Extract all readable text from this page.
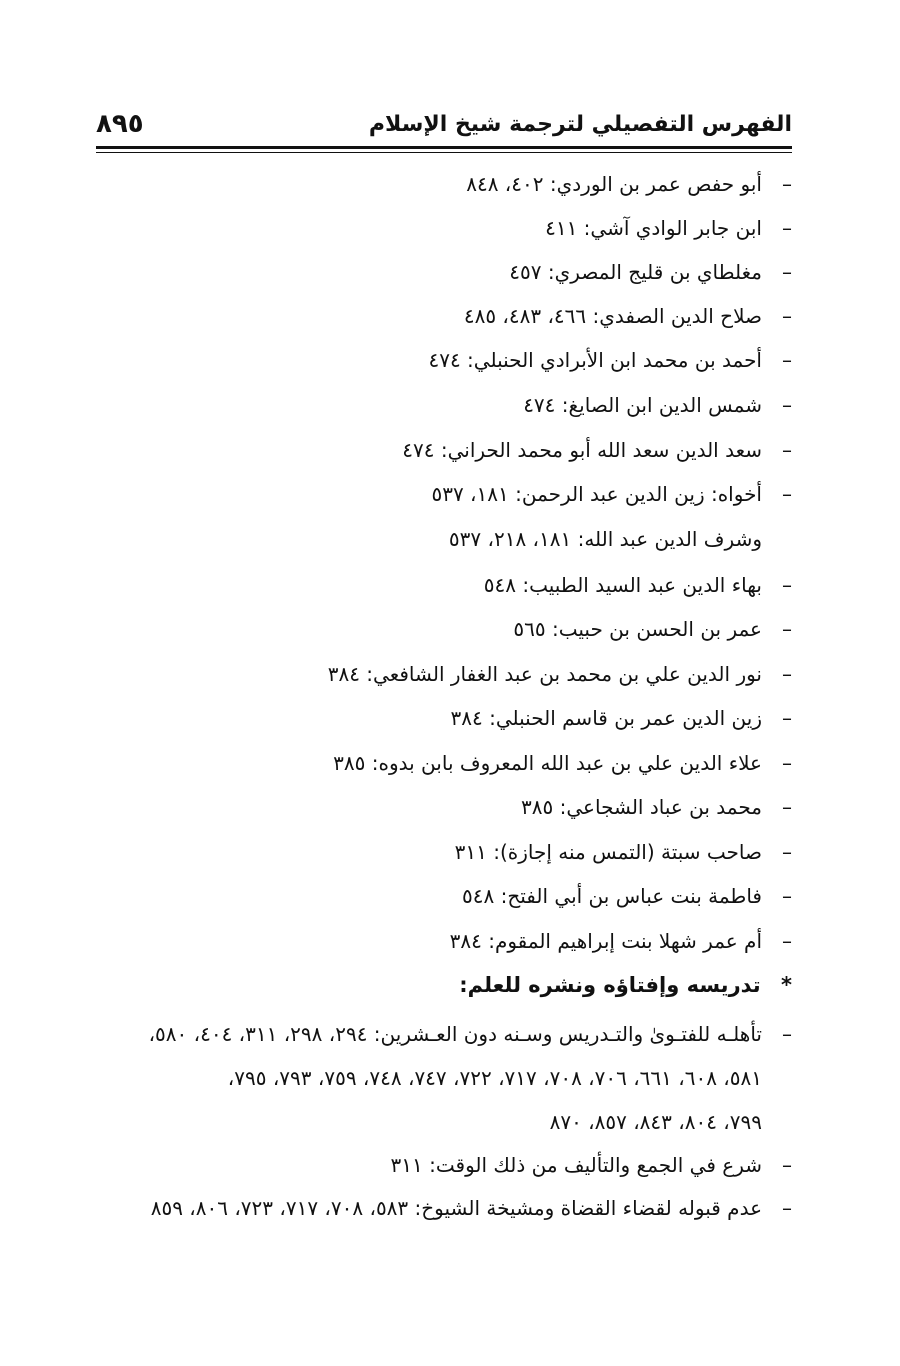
الفهرس التفصيلي لترجمة شيخ الإسلام
٨٩٥
–أبو حفص عمر بن الوردي: ٤٠٢، ٨٤٨
–ابن جابر الوادي آشي: ٤١١
–مغلطاي بن قليج المصري: ٤٥٧
–صلاح الدين الصفدي: ٤٦٦، ٤٨٣، ٤٨٥
–أحمد بن محمد ابن الأبرادي الحنبلي: ٤٧٤
–شمس الدين ابن الصايغ: ٤٧٤
–سعد الدين سعد الله أبو محمد الحراني: ٤٧٤
–أخواه: زين الدين عبد الرحمن: ١٨١، ٥٣٧
وشرف الدين عبد الله: ١٨١، ٢١٨، ٥٣٧
–بهاء الدين عبد السيد الطبيب: ٥٤٨
–عمر بن الحسن بن حبيب: ٥٦٥
–نور الدين علي بن محمد بن عبد الغفار الشافعي: ٣٨٤
–زين الدين عمر بن قاسم الحنبلي: ٣٨٤
–علاء الدين علي بن عبد الله المعروف بابن بدوه: ٣٨٥
–محمد بن عباد الشجاعي: ٣٨٥
–صاحب سبتة (التمس منه إجازة): ٣١١
–فاطمة بنت عباس بن أبي الفتح: ٥٤٨
–أم عمر شهلا بنت إبراهيم المقوم: ٣٨٤
* تدريسه وإفتاؤه ونشره للعلم:
–تأهلـه للفتـوىٰ والتـدريس وسـنه دون العـشرين: ٢٩٤، ٢٩٨، ٣١١، ٤٠٤، ٥٨٠،
٥٨١، ٦٠٨، ٦٦١، ٧٠٦، ٧٠٨، ٧١٧، ٧٢٢، ٧٤٧، ٧٤٨، ٧٥٩، ٧٩٣، ٧٩٥،
٧٩٩، ٨٠٤، ٨٤٣، ٨٥٧، ٨٧٠
–شرع في الجمع والتأليف من ذلك الوقت: ٣١١
–عدم قبوله لقضاء القضاة ومشيخة الشيوخ: ٥٨٣، ٧٠٨، ٧١٧، ٧٢٣، ٨٠٦، ٨٥٩
